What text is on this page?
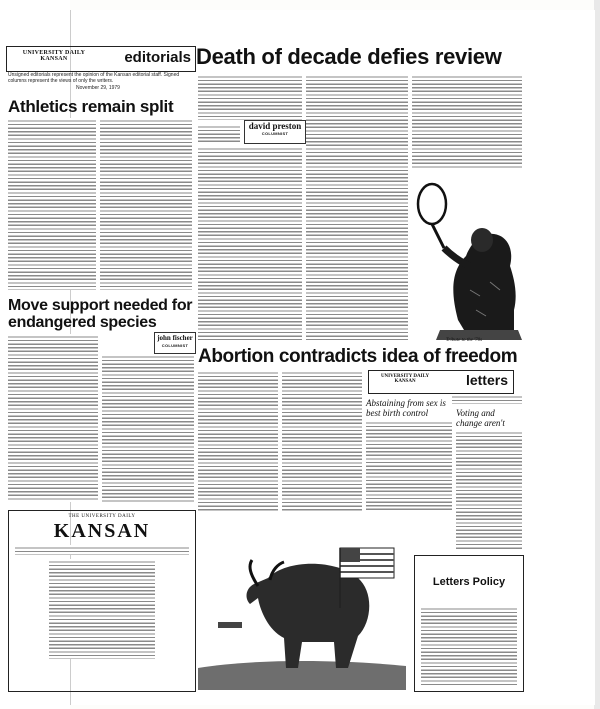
UNIVERSITY DAILY KANSAN	editorials
Unsigned editorials represent the opinion of the Kansan editorial staff. Signed columns represent the views of only the writers.
November 29, 1979
Athletics remain split
Death of decade defies review
david preston
COLUMNIST
Tribute to the '70s
Move support needed for endangered species
john fischer
COLUMNIST
Abortion contradicts idea of freedom
UNIVERSITY DAILY KANSAN	letters
Abstaining from sex is best birth control	Voting and change aren't
THE UNIVERSITY DAILY
KANSAN
Letters Policy
